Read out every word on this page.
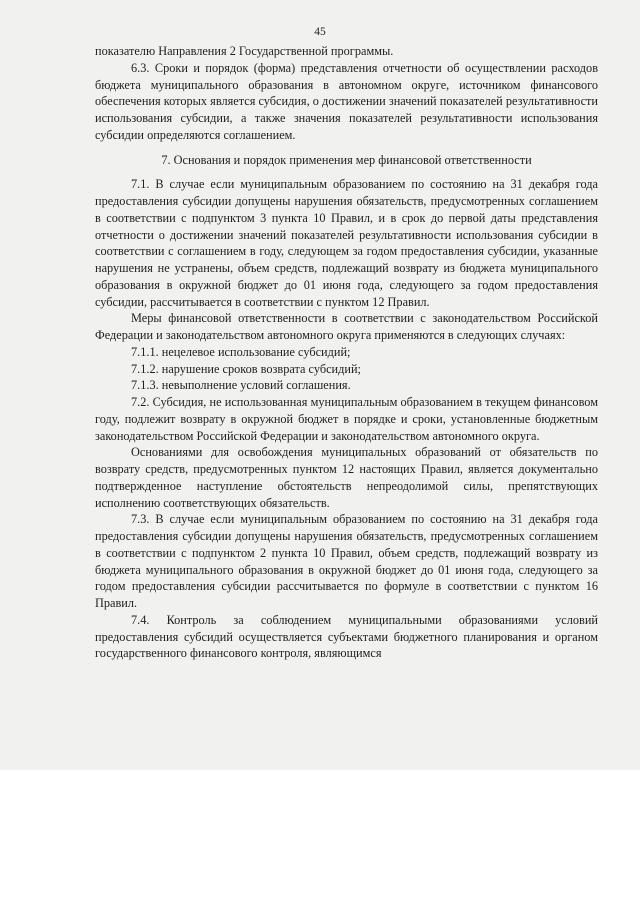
45

показателю Направления 2 Государственной программы.

6.3. Сроки и порядок (форма) представления отчетности об осуществлении расходов бюджета муниципального образования в автономном округе, источником финансового обеспечения которых является субсидия, о достижении значений показателей результативности использования субсидии, а также значения показателей результативности использования субсидии определяются соглашением.

7. Основания и порядок применения мер финансовой ответственности

7.1. В случае если муниципальным образованием по состоянию на 31 декабря года предоставления субсидии допущены нарушения обязательств, предусмотренных соглашением в соответствии с подпунктом 3 пункта 10 Правил, и в срок до первой даты представления отчетности о достижении значений показателей результативности использования субсидии в соответствии с соглашением в году, следующем за годом предоставления субсидии, указанные нарушения не устранены, объем средств, подлежащий возврату из бюджета муниципального образования в окружной бюджет до 01 июня года, следующего за годом предоставления субсидии, рассчитывается в соответствии с пунктом 12 Правил.

Меры финансовой ответственности в соответствии с законодательством Российской Федерации и законодательством автономного округа применяются в следующих случаях:

7.1.1. нецелевое использование субсидий;

7.1.2. нарушение сроков возврата субсидий;

7.1.3. невыполнение условий соглашения.

7.2. Субсидия, не использованная муниципальным образованием в текущем финансовом году, подлежит возврату в окружной бюджет в порядке и сроки, установленные бюджетным законодательством Российской Федерации и законодательством автономного округа.

Основаниями для освобождения муниципальных образований от обязательств по возврату средств, предусмотренных пунктом 12 настоящих Правил, является документально подтвержденное наступление обстоятельств непреодолимой силы, препятствующих исполнению соответствующих обязательств.

7.3. В случае если муниципальным образованием по состоянию на 31 декабря года предоставления субсидии допущены нарушения обязательств, предусмотренных соглашением в соответствии с подпунктом 2 пункта 10 Правил, объем средств, подлежащий возврату из бюджета муниципального образования в окружной бюджет до 01 июня года, следующего за годом предоставления субсидии рассчитывается по формуле в соответствии с пунктом 16 Правил.

7.4. Контроль за соблюдением муниципальными образованиями условий предоставления субсидий осуществляется субъектами бюджетного планирования и органом государственного финансового контроля, являющимся
